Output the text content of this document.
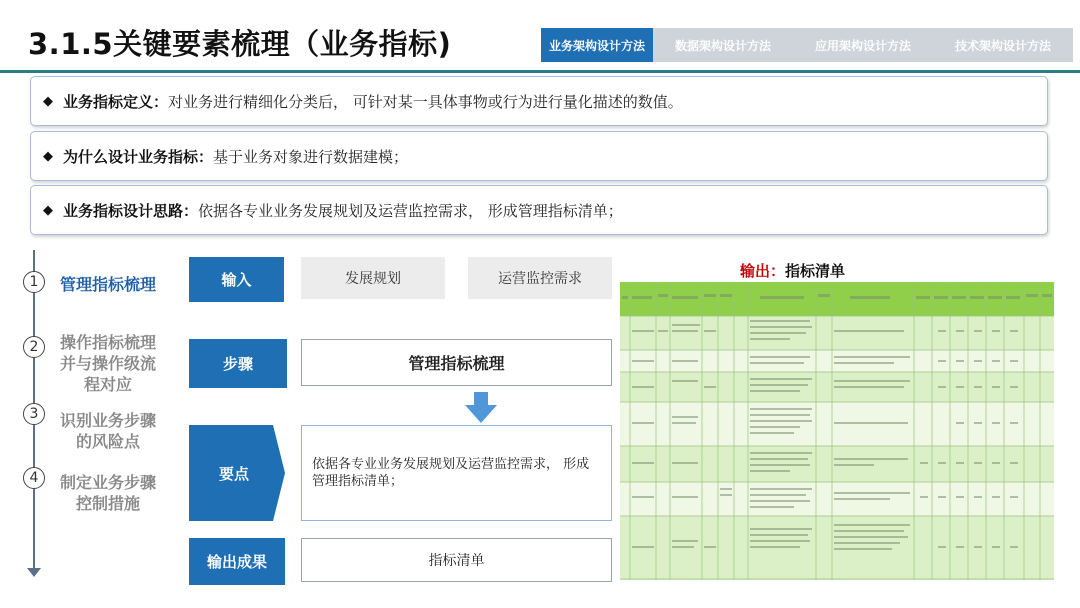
3.1.5关键要素梳理（业务指标)	业务架构设计方法	数据架构设计方法	应用架构设计方法	技术架构设计方法
◆ 业务指标定义： 对业务进行精细化分类后， 可针对某一具体事物或行为进行量化描述的数值。
◆ 为什么设计业务指标： 基于业务对象进行数据建模；
◆ 业务指标设计思路： 依据各专业业务发展规划及运营监控需求， 形成管理指标清单；
1	管理指标梳理
2	操作指标梳理并与操作级流程对应
3	识别业务步骤的风险点
4	制定业务步骤控制措施
输入	发展规划	运营监控需求
步骤	管理指标梳理
要点	依据各专业业务发展规划及运营监控需求， 形成管理指标清单；
输出成果	指标清单
输出：指标清单
